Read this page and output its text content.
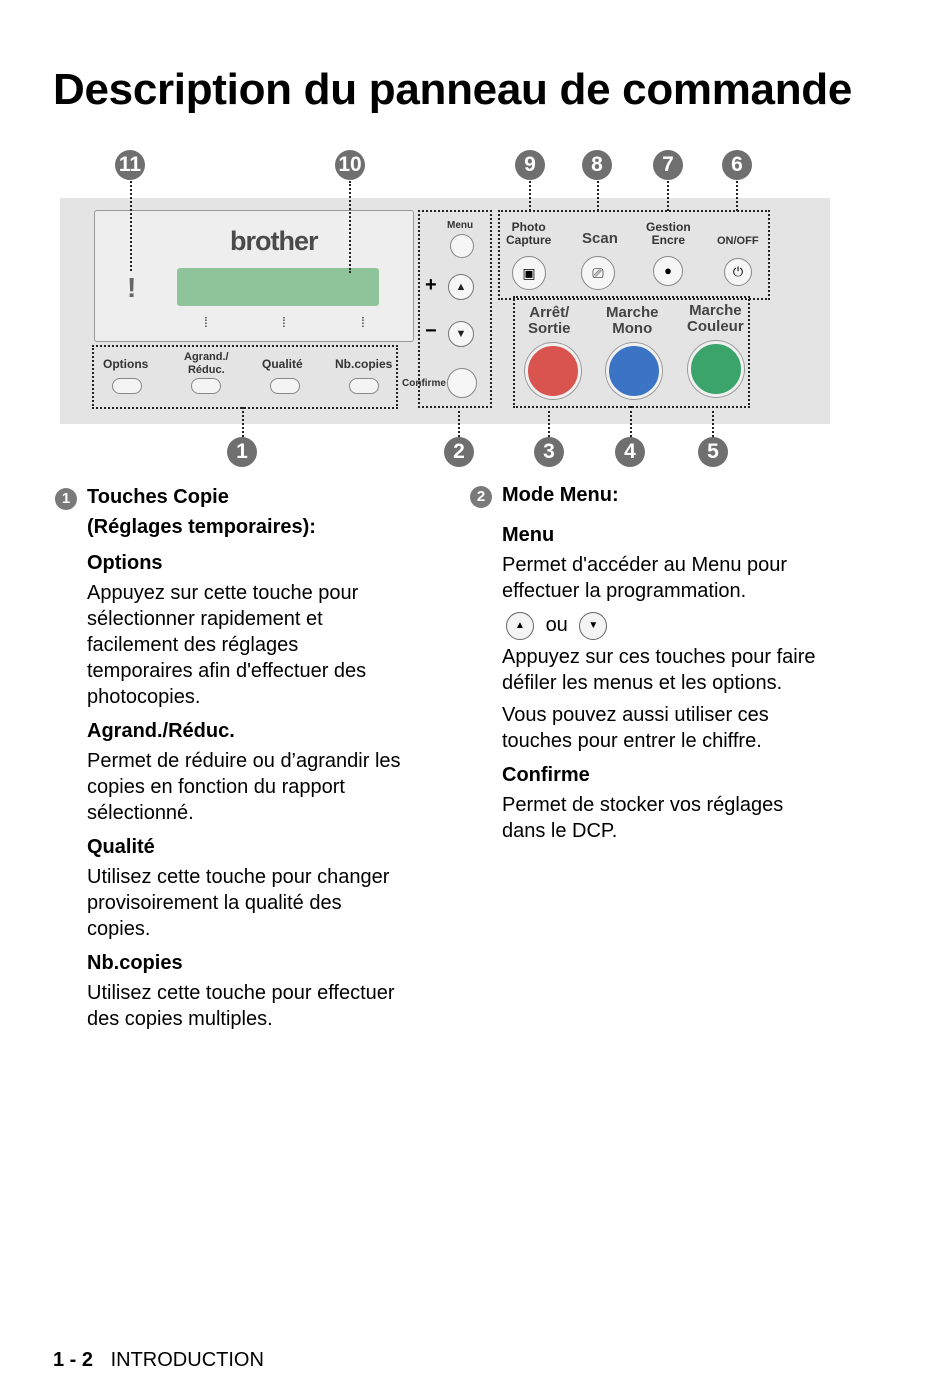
Description du panneau de commande
11	10	9	8	7	6
brother
!
⁞	⁞	⁞
Options	Agrand./
Réduc.	Qualité	Nb.copies
Menu
+
−
▲
▼
Confirme
Photo
Capture Scan
Gestion
Encre	ON/OFF
▣	⎚	●	⏻
Arrêt/
Sortie
Marche
Mono
Marche
Couleur
1	2	3	4	5
1 Touches Copie

(Réglages temporaires):

Options

Appuyez sur cette touche pour

sélectionner rapidement et

facilement des réglages

temporaires afin d'effectuer des

photocopies.

Agrand./Réduc.

Permet de réduire ou d’agrandir les

copies en fonction du rapport

sélectionné.

Qualité

Utilisez cette touche pour changer

provisoirement la qualité des

copies.

Nb.copies

Utilisez cette touche pour effectuer

des copies multiples.

2 Mode Menu:

Menu

Permet d'accéder au Menu pour

effectuer la programmation.

▲ ou ▼

Appuyez sur ces touches pour faire

défiler les menus et les options.

Vous pouvez aussi utiliser ces

touches pour entrer le chiffre.

Confirme

Permet de stocker vos réglages

dans le DCP.

1 - 2 INTRODUCTION
